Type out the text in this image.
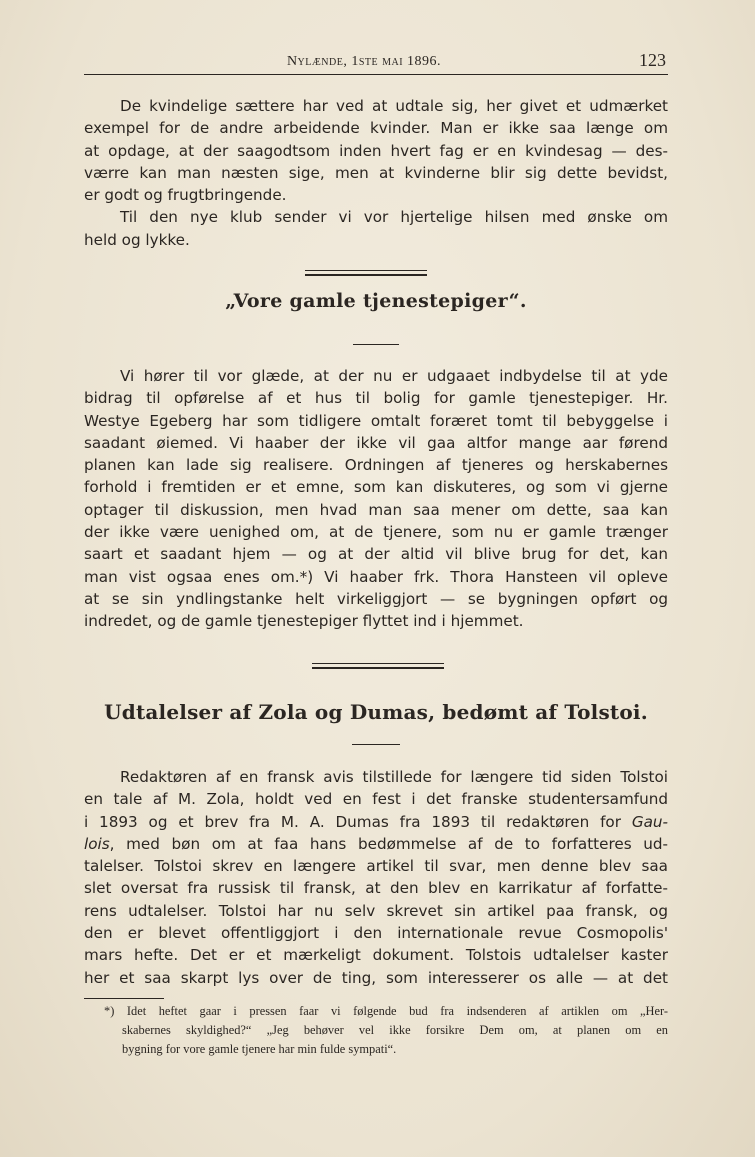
Nylænde, 1ste mai 1896.	123
De kvindelige sættere har ved at udtale sig, her givet et udmærket
exempel for de andre arbeidende kvinder. Man er ikke saa længe om
at opdage, at der saagodtsom inden hvert fag er en kvindesag — des-
værre kan man næsten sige, men at kvinderne blir sig dette bevidst,
er godt og frugtbringende.
Til den nye klub sender vi vor hjertelige hilsen med ønske om
held og lykke.
„Vore gamle tjenestepiger“.
Vi hører til vor glæde, at der nu er udgaaet indbydelse til at yde
bidrag til opførelse af et hus til bolig for gamle tjenestepiger. Hr.
Westye Egeberg har som tidligere omtalt foræret tomt til bebyggelse i
saadant øiemed. Vi haaber der ikke vil gaa altfor mange aar førend
planen kan lade sig realisere. Ordningen af tjeneres og herskabernes
forhold i fremtiden er et emne, som kan diskuteres, og som vi gjerne
optager til diskussion, men hvad man saa mener om dette, saa kan
der ikke være uenighed om, at de tjenere, som nu er gamle trænger
saart et saadant hjem — og at der altid vil blive brug for det, kan
man vist ogsaa enes om.*) Vi haaber frk. Thora Hansteen vil opleve
at se sin yndlingstanke helt virkeliggjort — se bygningen opført og
indredet, og de gamle tjenestepiger flyttet ind i hjemmet.
Udtalelser af Zola og Dumas, bedømt af Tolstoi.
Redaktøren af en fransk avis tilstillede for længere tid siden Tolstoi
en tale af M. Zola, holdt ved en fest i det franske studentersamfund
i 1893 og et brev fra M. A. Dumas fra 1893 til redaktøren for Gau-
lois, med bøn om at faa hans bedømmelse af de to forfatteres ud-
talelser. Tolstoi skrev en længere artikel til svar, men denne blev saa
slet oversat fra russisk til fransk, at den blev en karrikatur af forfatte-
rens udtalelser. Tolstoi har nu selv skrevet sin artikel paa fransk, og
den er blevet offentliggjort i den internationale revue Cosmopolis'
mars hefte. Det er et mærkeligt dokument. Tolstois udtalelser kaster
her et saa skarpt lys over de ting, som interesserer os alle — at det
*) Idet heftet gaar i pressen faar vi følgende bud fra indsenderen af artiklen om „Her-
skabernes skyldighed?“ „Jeg behøver vel ikke forsikre Dem om, at planen om en
bygning for vore gamle tjenere har min fulde sympati“.
